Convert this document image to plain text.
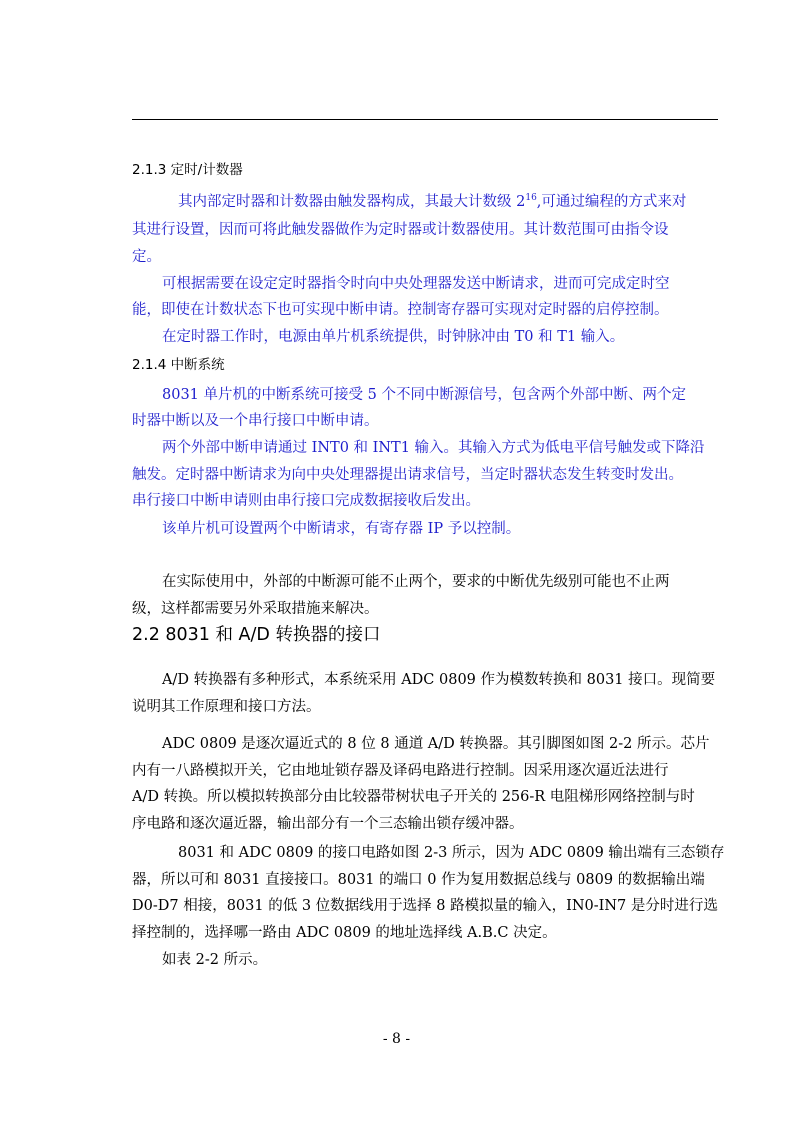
2.1.3 定时/计数器
其内部定时器和计数器由触发器构成，其最大计数级 $2^{16}$,可通过编程的方式来对
其进行设置，因而可将此触发器做作为定时器或计数器使用。其计数范围可由指令设
定。
可根据需要在设定定时器指令时向中央处理器发送中断请求，进而可完成定时空
能，即使在计数状态下也可实现中断申请。控制寄存器可实现对定时器的启停控制。
在定时器工作时，电源由单片机系统提供，时钟脉冲由 T0 和 T1 输入。
2.1.4 中断系统
8031 单片机的中断系统可接受 5 个不同中断源信号，包含两个外部中断、两个定
时器中断以及一个串行接口中断申请。
两个外部中断申请通过 INT0 和 INT1 输入。其输入方式为低电平信号触发或下降沿
触发。定时器中断请求为向中央处理器提出请求信号，当定时器状态发生转变时发出。
串行接口中断申请则由串行接口完成数据接收后发出。
该单片机可设置两个中断请求，有寄存器 IP 予以控制。
在实际使用中，外部的中断源可能不止两个，要求的中断优先级别可能也不止两
级，这样都需要另外采取措施来解决。
2.2 8031 和 A/D 转换器的接口
A/D 转换器有多种形式，本系统采用 ADC 0809 作为模数转换和 8031 接口。现简要
说明其工作原理和接口方法。
ADC 0809 是逐次逼近式的 8 位 8 通道 A/D 转换器。其引脚图如图 2-2 所示。芯片
内有一八路模拟开关，它由地址锁存器及译码电路进行控制。因采用逐次逼近法进行
A/D 转换。所以模拟转换部分由比较器带树状电子开关的 256-R 电阻梯形网络控制与时
序电路和逐次逼近器，输出部分有一个三态输出锁存缓冲器。
8031 和 ADC 0809 的接口电路如图 2-3 所示，因为 ADC 0809 输出端有三态锁存
器，所以可和 8031 直接接口。8031 的端口 0 作为复用数据总线与 0809 的数据输出端
D0-D7 相接，8031 的低 3 位数据线用于选择 8 路模拟量的输入，IN0-IN7 是分时进行选
择控制的，选择哪一路由 ADC 0809 的地址选择线 A.B.C 决定。
如表 2-2 所示。
- 8 -
